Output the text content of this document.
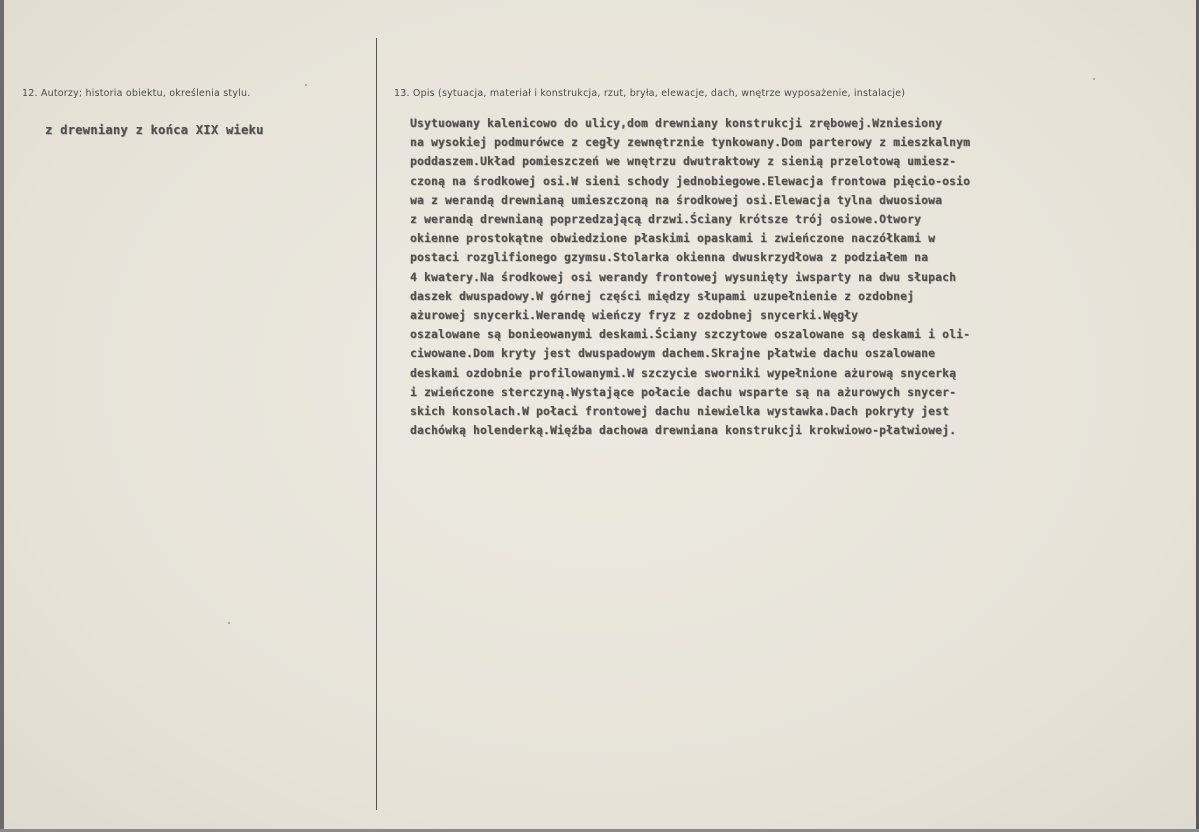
12. Autorzy; historia obiektu, określenia stylu.	13. Opis (sytuacja, materiał i konstrukcja, rzut, bryła, elewacje, dach, wnętrze wyposażenie, instalacje)
z drewniany z końca XIX wieku	Usytuowany kalenicowo do ulicy,dom drewniany konstrukcji zrębowej.Wzniesiony
na wysokiej podmurówce z cegły zewnętrznie tynkowany.Dom parterowy z mieszkalnym
poddaszem.Układ pomieszczeń we wnętrzu dwutraktowy z sienią przelotową umiesz-
czoną na środkowej osi.W sieni schody jednobiegowe.Elewacja frontowa pięcio-osio
wa z werandą drewnianą umieszczoną na środkowej osi.Elewacja tylna dwuosiowa
z werandą drewnianą poprzedzającą drzwi.Ściany krótsze trój osiowe.Otwory
okienne prostokątne obwiedzione płaskimi opaskami i zwieńczone naczółkami w
postaci rozglifionego gzymsu.Stolarka okienna dwuskrzydłowa z podziałem na
4 kwatery.Na środkowej osi werandy frontowej wysunięty iwsparty na dwu słupach
daszek dwuspadowy.W górnej części między słupami uzupełnienie z ozdobnej
ażurowej snycerki.Werandę wieńczy fryz z ozdobnej snycerki.Węgły
oszalowane są bonieowanymi deskami.Ściany szczytowe oszalowane są deskami i oli-
ciwowane.Dom kryty jest dwuspadowym dachem.Skrajne płatwie dachu oszalowane
deskami ozdobnie profilowanymi.W szczycie sworniki wypełnione ażurową snycerką
i zwieńczone sterczyną.Wystające połacie dachu wsparte są na ażurowych snycer-
skich konsolach.W połaci frontowej dachu niewielka wystawka.Dach pokryty jest
dachówką holenderką.Więźba dachowa drewniana konstrukcji krokwiowo-płatwiowej.
